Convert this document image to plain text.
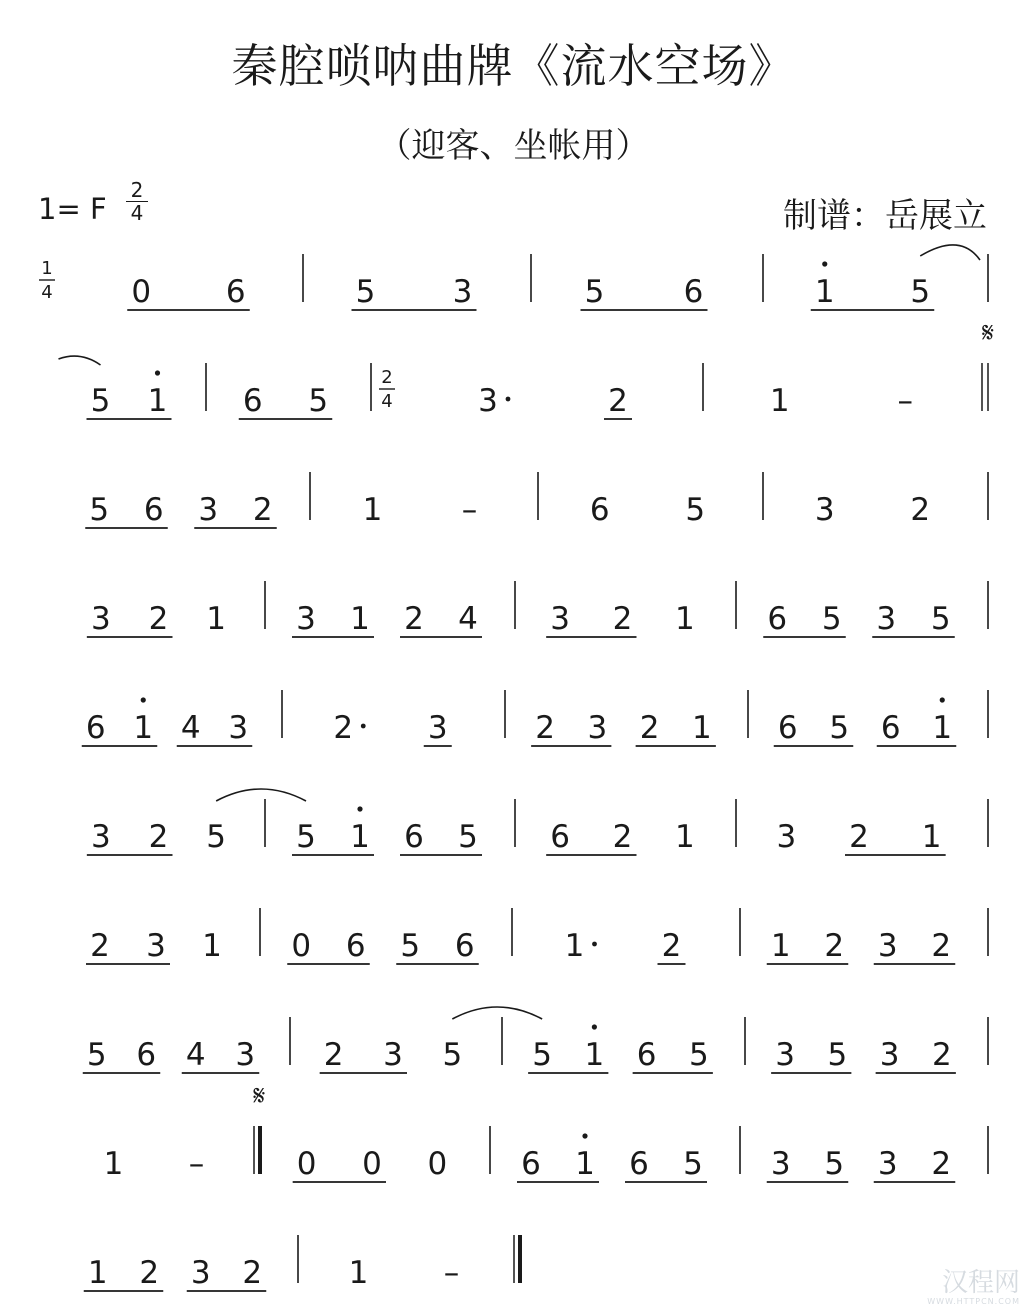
秦腔唢呐曲牌《流水空场》
（迎客、坐帐用）
1= F
2
4	制谱：岳展立
1
4	0 6	5 3	5	6	1 5
𝄋
5 1 6 5
2
4	3	2	1	–
5 6 3 2	1	–	6 5	3 2
3 2 1 3 1 2 4 3 2 1 6 5 3 5
6 1 4 3	2 3	2 3 2 1 6 5 6 1
3 2 5 5 1 6 5 6 2 1	3 2 1
2 3 1 0 6 5 6	1 2	1 2 3 2
5 6 4 3
𝄋
2 3 5 5 1 6 5 3 5 3 2
1 –	0 0 0 6 1 6 5 3 5 3 2
1 2 3 2	1 –	汉程网
WWW.HTTPCN.COM
